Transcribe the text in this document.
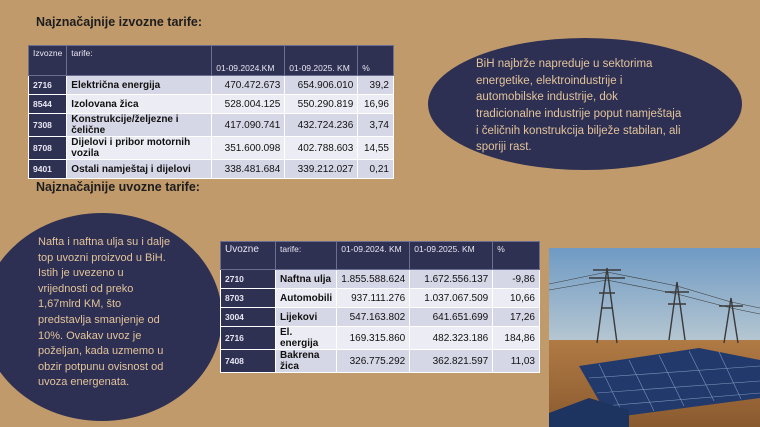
Najznačajnije izvozne tarife:
Izvozne	tarife:	01-09.2024.KM	01-09.2025. KM	%
2716	Električna energija	470.472.673	654.906.010	39,2
8544	Izolovana žica	528.004.125	550.290.819	16,96
7308	Konstrukcije/željezne i čelične	417.090.741	432.724.236	3,74
8708	Dijelovi i pribor motornih vozila	351.600.098	402.788.603	14,55
9401	Ostali namještaj i dijelovi	338.481.684	339.212.027	0,21
BiH najbrže napreduje u sektorima
energetike, elektroindustrije i
automobilske industrije, dok
tradicionalne industrije poput namještaja
i čeličnih konstrukcija bilježe stabilan, ali
sporiji rast.
Najznačajnije uvozne tarife:
Nafta i naftna ulja su i dalje
top uvozni proizvod u BiH.
Istih je uvezeno u
vrijednosti od preko
1,67mlrd KM, što
predstavlja smanjenje od
10%. Ovakav uvoz je
poželjan, kada uzmemo u
obzir potpunu ovisnost od
uvoza energenata.
Uvozne	tarife:	01-09.2024. KM	01-09.2025. KM	%
2710	Naftna ulja	1.855.588.624	1.672.556.137	-9,86
8703	Automobili	937.111.276	1.037.067.509	10,66
3004	Lijekovi	547.163.802	641.651.699	17,26
2716	El. energija	169.315.860	482.323.186	184,86
7408	Bakrena žica	326.775.292	362.821.597	11,03
